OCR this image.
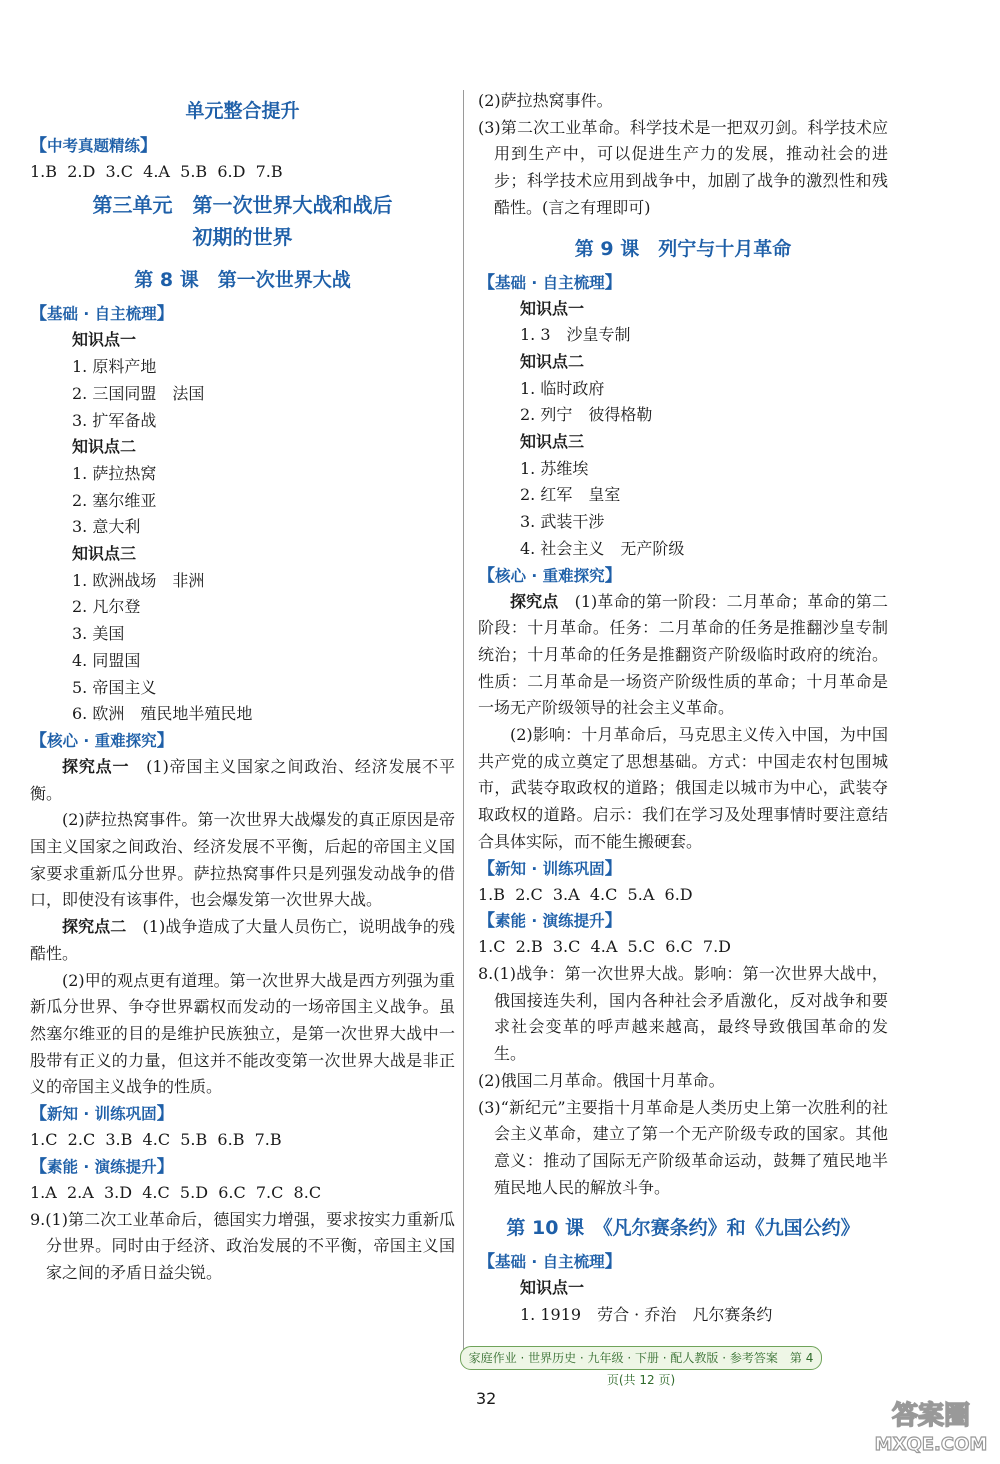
单元整合提升
【 中考真题精练 】
1.B  2.D  3.C  4.A  5.B  6.D  7.B
第三单元　第一次世界大战和战后
初期的世界
第 8 课　第一次世界大战
【 基础 · 自主梳理 】
知识点一
1. 原料产地
2. 三国同盟　法国
3. 扩军备战
知识点二
1. 萨拉热窝
2. 塞尔维亚
3. 意大利
知识点三
1. 欧洲战场　非洲
2. 凡尔登
3. 美国
4. 同盟国
5. 帝国主义
6. 欧洲　殖民地半殖民地
【 核心 · 重难探究 】
探究点一　 (1)帝国主义国家之间政治、经济发展不平衡。
(2)萨拉热窝事件。第一次世界大战爆发的真正原因是帝国主义国家之间政治、经济发展不平衡，后起的帝国主义国家要求重新瓜分世界。萨拉热窝事件只是列强发动战争的借口，即使没有该事件，也会爆发第一次世界大战。
探究点二　 (1)战争造成了大量人员伤亡，说明战争的残酷性。
(2)甲的观点更有道理。第一次世界大战是西方列强为重新瓜分世界、争夺世界霸权而发动的一场帝国主义战争。虽然塞尔维亚的目的是维护民族独立，是第一次世界大战中一股带有正义的力量，但这并不能改变第一次世界大战是非正义的帝国主义战争的性质。
【 新知 · 训练巩固 】
1.C  2.C  3.B  4.C  5.B  6.B  7.B
【 素能 · 演练提升 】
1.A  2.A  3.D  4.C  5.D  6.C  7.C  8.C
9.(1)第二次工业革命后，德国实力增强，要求按实力重新瓜分世界。同时由于经济、政治发展的不平衡，帝国主义国家之间的矛盾日益尖锐。
(2)萨拉热窝事件。
(3)第二次工业革命。科学技术是一把双刃剑。科学技术应用到生产中，可以促进生产力的发展，推动社会的进步；科学技术应用到战争中，加剧了战争的激烈性和残酷性。(言之有理即可)
第 9 课　列宁与十月革命
【 基础 · 自主梳理 】
知识点一
1. 3　沙皇专制
知识点二
1. 临时政府
2. 列宁　彼得格勒
知识点三
1. 苏维埃
2. 红军　皇室
3. 武装干涉
4. 社会主义　无产阶级
【 核心 · 重难探究 】
探究点　 (1)革命的第一阶段：二月革命；革命的第二阶段：十月革命。任务：二月革命的任务是推翻沙皇专制统治；十月革命的任务是推翻资产阶级临时政府的统治。性质：二月革命是一场资产阶级性质的革命；十月革命是一场无产阶级领导的社会主义革命。
(2)影响：十月革命后，马克思主义传入中国，为中国共产党的成立奠定了思想基础。方式：中国走农村包围城市，武装夺取政权的道路；俄国走以城市为中心，武装夺取政权的道路。启示：我们在学习及处理事情时要注意结合具体实际，而不能生搬硬套。
【 新知 · 训练巩固 】
1.B  2.C  3.A  4.C  5.A  6.D
【 素能 · 演练提升 】
1.C  2.B  3.C  4.A  5.C  6.C  7.D
8.(1)战争：第一次世界大战。影响：第一次世界大战中，俄国接连失利，国内各种社会矛盾激化，反对战争和要求社会变革的呼声越来越高，最终导致俄国革命的发生。
(2)俄国二月革命。俄国十月革命。
(3)“新纪元”主要指十月革命是人类历史上第一次胜利的社会主义革命，建立了第一个无产阶级专政的国家。其他意义：推动了国际无产阶级革命运动，鼓舞了殖民地半殖民地人民的解放斗争。
第 10 课　《凡尔赛条约》和《九国公约》
【 基础 · 自主梳理 】
知识点一
1. 1919　劳合 · 乔治　凡尔赛条约
家庭作业 · 世界历史 · 九年级 · 下册 · 配人教版 · 参考答案　第 4 页(共 12 页)
32
答案圈
MXQE.COM
